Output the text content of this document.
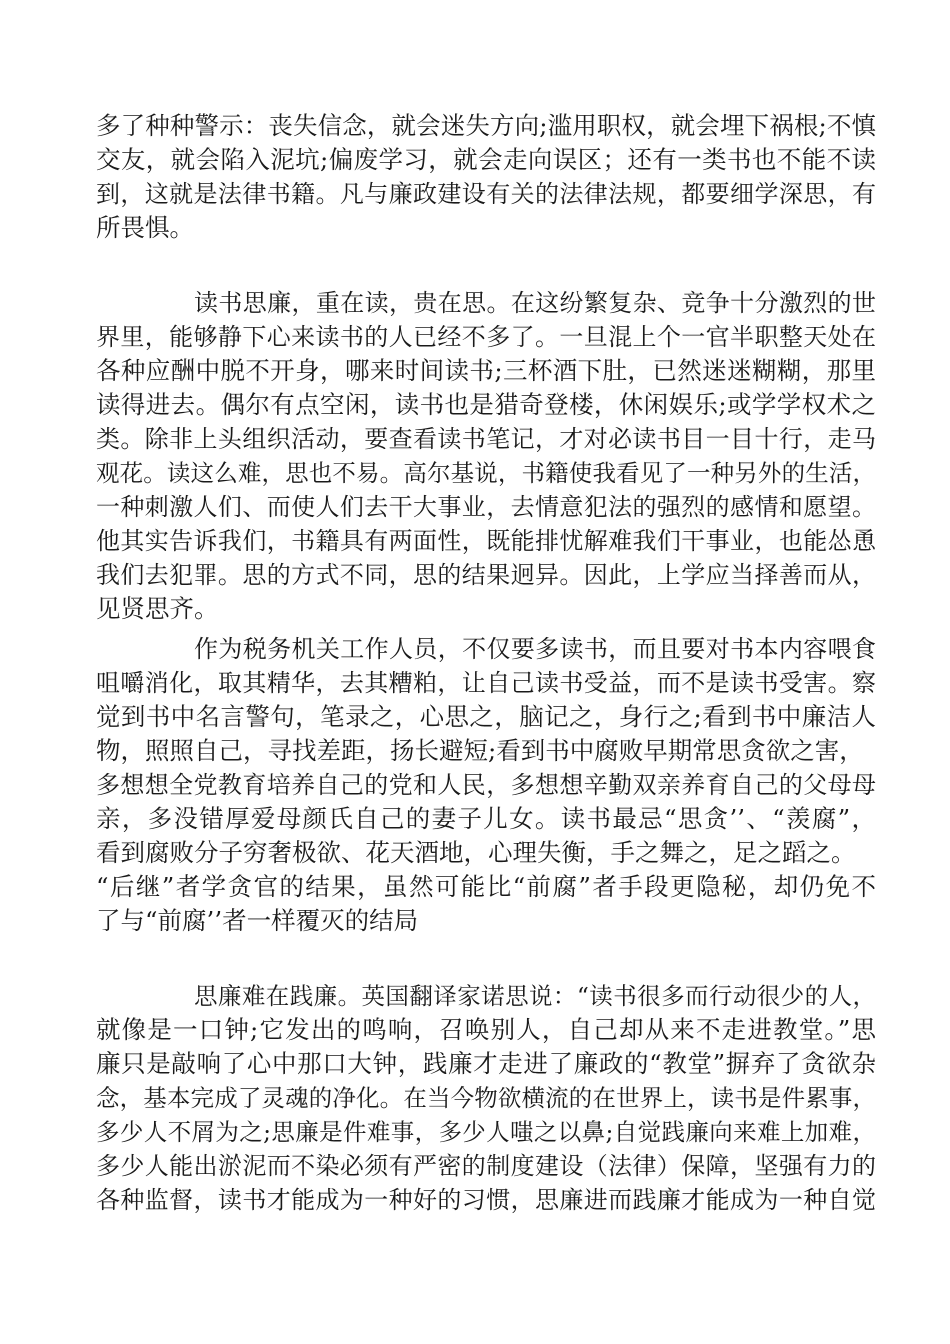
多了种种警示：丧失信念，就会迷失方向;滥用职权，就会埋下祸根;不慎
交友，就会陷入泥坑;偏废学习，就会走向误区；还有一类书也不能不读
到，这就是法律书籍。凡与廉政建设有关的法律法规，都要细学深思，有
所畏惧。
读书思廉，重在读，贵在思。在这纷繁复杂、竞争十分激烈的世
界里，能够静下心来读书的人已经不多了。一旦混上个一官半职整天处在
各种应酬中脱不开身，哪来时间读书;三杯酒下肚，已然迷迷糊糊，那里
读得进去。偶尔有点空闲，读书也是猎奇登楼，休闲娱乐;或学学权术之
类。除非上头组织活动，要查看读书笔记，才对必读书目一目十行，走马
观花。读这么难，思也不易。高尔基说，书籍使我看见了一种另外的生活，
一种刺激人们、而使人们去干大事业，去情意犯法的强烈的感情和愿望。
他其实告诉我们，书籍具有两面性，既能排忧解难我们干事业，也能怂恿
我们去犯罪。思的方式不同，思的结果迥异。因此，上学应当择善而从，
见贤思齐。
作为税务机关工作人员，不仅要多读书，而且要对书本内容喂食
咀嚼消化，取其精华，去其糟粕，让自己读书受益，而不是读书受害。察
觉到书中名言警句，笔录之，心思之，脑记之，身行之;看到书中廉洁人
物，照照自己，寻找差距，扬长避短;看到书中腐败早期常思贪欲之害，
多想想全党教育培养自己的党和人民，多想想辛勤双亲养育自己的父母母
亲，多没错厚爱母颜氏自己的妻子儿女。读书最忌“思贪’’、“羡腐”，
看到腐败分子穷奢极欲、花天酒地，心理失衡，手之舞之，足之蹈之。
“后继”者学贪官的结果，虽然可能比“前腐”者手段更隐秘，却仍免不
了与“前腐’’者一样覆灭的结局
思廉难在践廉。英国翻译家诺思说：“读书很多而行动很少的人，
就像是一口钟;它发出的鸣响，召唤别人，自己却从来不走进教堂。”思
廉只是敲响了心中那口大钟，践廉才走进了廉政的“教堂”摒弃了贪欲杂
念，基本完成了灵魂的净化。在当今物欲横流的在世界上，读书是件累事，
多少人不屑为之;思廉是件难事，多少人嗤之以鼻;自觉践廉向来难上加难，
多少人能出淤泥而不染必须有严密的制度建设（法律）保障，坚强有力的
各种监督，读书才能成为一种好的习惯，思廉进而践廉才能成为一种自觉
